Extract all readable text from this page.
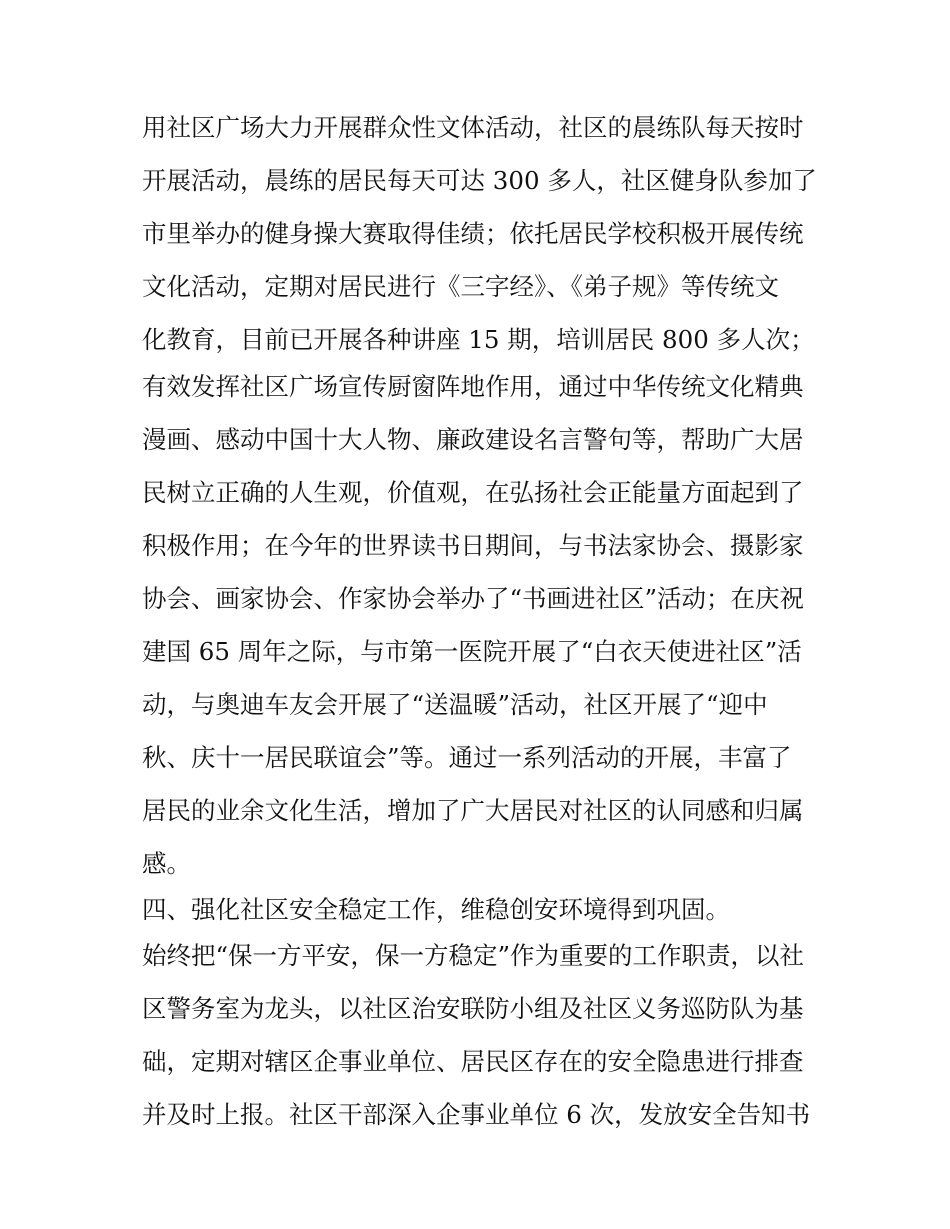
用社区广场大力开展群众性文体活动，社区的晨练队每天按时
开展活动，晨练的居民每天可达 300 多人，社区健身队参加了
市里举办的健身操大赛取得佳绩；依托居民学校积极开展传统
文化活动，定期对居民进行《三字经》、《弟子规》等传统文
化教育，目前已开展各种讲座 15 期，培训居民 800 多人次；
有效发挥社区广场宣传厨窗阵地作用，通过中华传统文化精典
漫画、感动中国十大人物、廉政建设名言警句等，帮助广大居
民树立正确的人生观，价值观，在弘扬社会正能量方面起到了
积极作用；在今年的世界读书日期间，与书法家协会、摄影家
协会、画家协会、作家协会举办了“书画进社区”活动；在庆祝
建国 65 周年之际，与市第一医院开展了“白衣天使进社区”活
动，与奥迪车友会开展了“送温暖”活动，社区开展了“迎中
秋、庆十一居民联谊会”等。通过一系列活动的开展，丰富了
居民的业余文化生活，增加了广大居民对社区的认同感和归属
感。
四、强化社区安全稳定工作，维稳创安环境得到巩固。
始终把“保一方平安，保一方稳定”作为重要的工作职责，以社
区警务室为龙头，以社区治安联防小组及社区义务巡防队为基
础，定期对辖区企事业单位、居民区存在的安全隐患进行排查
并及时上报。社区干部深入企事业单位 6 次，发放安全告知书
